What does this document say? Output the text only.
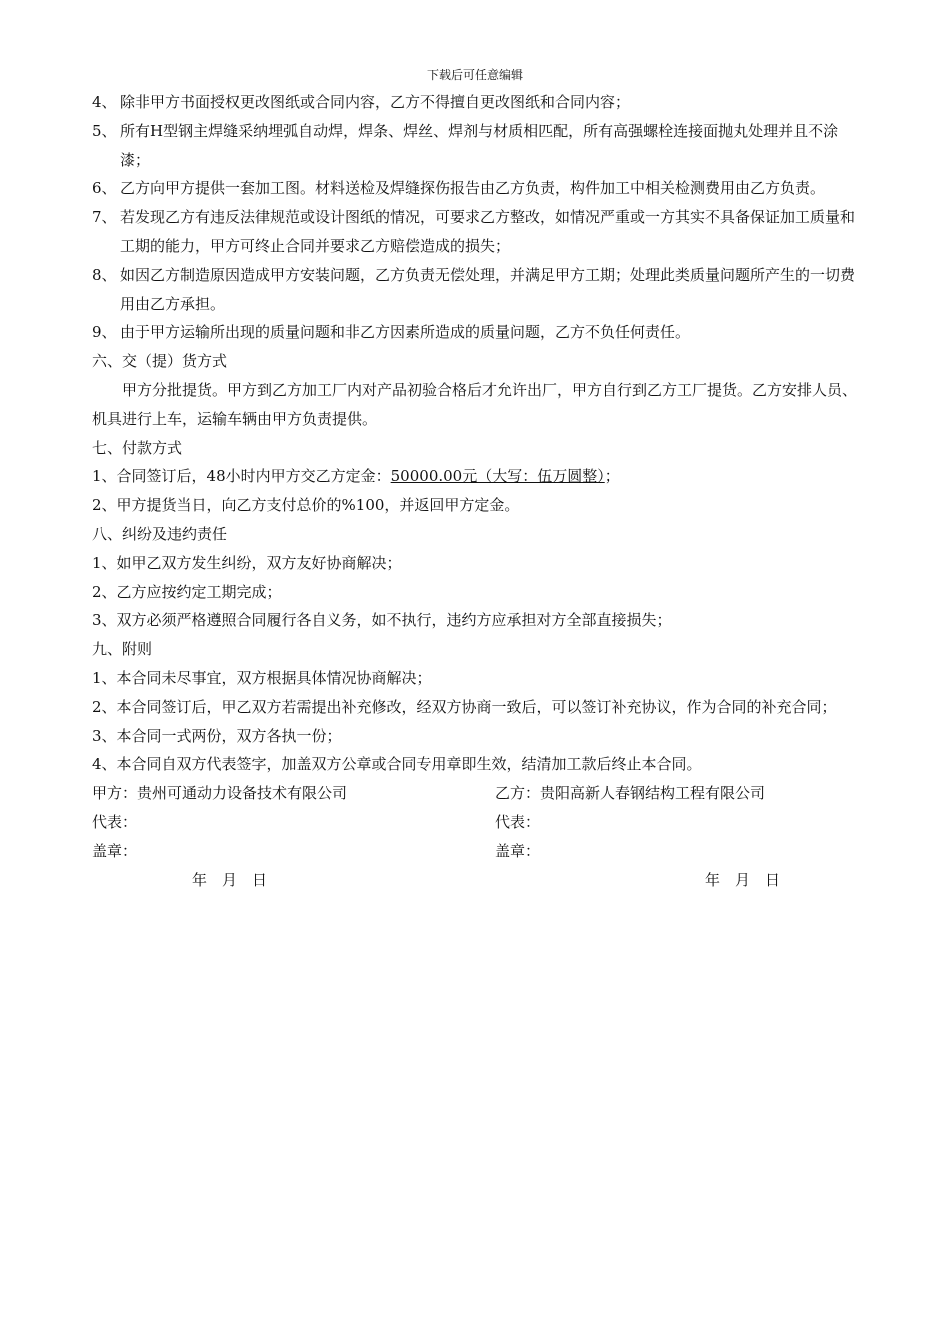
下载后可任意编辑
4、 除非甲方书面授权更改图纸或合同内容，乙方不得擅自更改图纸和合同内容；
5、 所有H型钢主焊缝采纳埋弧自动焊，焊条、焊丝、焊剂与材质相匹配，所有高强螺栓连接面抛丸处理并且不涂漆；
6、 乙方向甲方提供一套加工图。材料送检及焊缝探伤报告由乙方负责，构件加工中相关检测费用由乙方负责。
7、 若发现乙方有违反法律规范或设计图纸的情况，可要求乙方整改，如情况严重或一方其实不具备保证加工质量和工期的能力，甲方可终止合同并要求乙方赔偿造成的损失；
8、 如因乙方制造原因造成甲方安装问题，乙方负责无偿处理，并满足甲方工期；处理此类质量问题所产生的一切费用由乙方承担。
9、 由于甲方运输所出现的质量问题和非乙方因素所造成的质量问题，乙方不负任何责任。
六、交（提）货方式
甲方分批提货。甲方到乙方加工厂内对产品初验合格后才允许出厂，甲方自行到乙方工厂提货。乙方安排人员、机具进行上车，运输车辆由甲方负责提供。
七、付款方式
1、合同签订后，48小时内甲方交乙方定金：50000.00元（大写：伍万圆整）；
2、甲方提货当日，向乙方支付总价的%100，并返回甲方定金。
八、纠纷及违约责任
1、如甲乙双方发生纠纷，双方友好协商解决；
2、乙方应按约定工期完成；
3、双方必须严格遵照合同履行各自义务，如不执行，违约方应承担对方全部直接损失；
九、附则
1、本合同未尽事宜，双方根据具体情况协商解决；
2、本合同签订后，甲乙双方若需提出补充修改，经双方协商一致后，可以签订补充协议，作为合同的补充合同；
3、本合同一式两份，双方各执一份；
4、本合同自双方代表签字，加盖双方公章或合同专用章即生效，结清加工款后终止本合同。
甲方：贵州可通动力设备技术有限公司	乙方：贵阳高新人春钢结构工程有限公司
代表：	代表：
盖章：	盖章：
年　月　日	年　月　日
